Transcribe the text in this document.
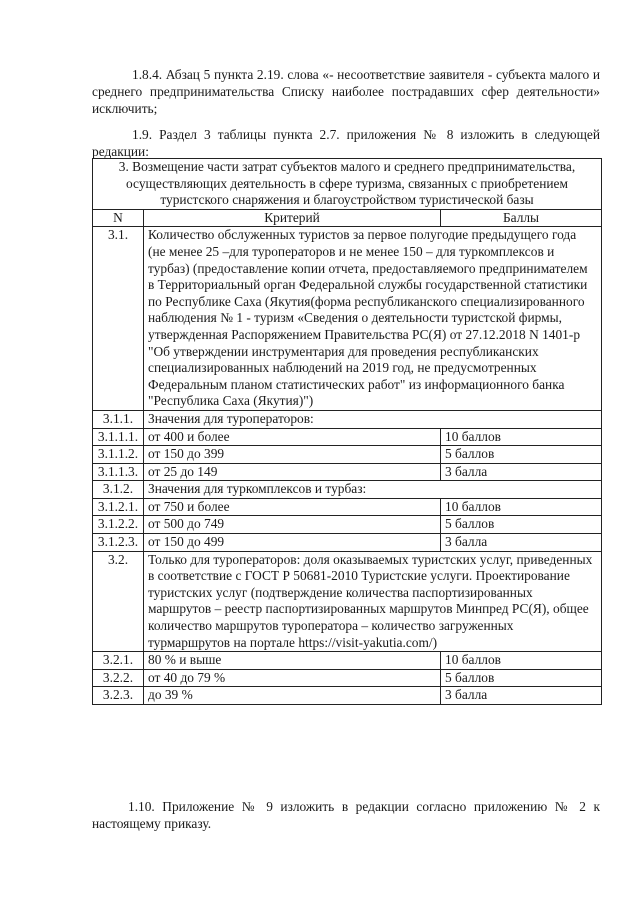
1.8.4. Абзац 5 пункта 2.19. слова «- несоответствие заявителя - субъекта малого и среднего предпринимательства Списку наиболее пострадавших сфер деятельности» исключить;
1.9. Раздел 3 таблицы пункта 2.7. приложения № 8 изложить в следующей редакции:
3. Возмещение части затрат субъектов малого и среднего предпринимательства, осуществляющих деятельность в сфере туризма, связанных с приобретением туристского снаряжения и благоустройством туристической базы		
N	Критерий	Баллы
3.1.	Количество обслуженных туристов за первое полугодие предыдущего года (не менее 25 –для туроператоров и не менее 150 – для туркомплексов и турбаз) (предоставление копии отчета, предоставляемого предпринимателем в Территориальный орган Федеральной службы государственной статистики по Республике Саха (Якутия(форма республиканского специализированного наблюдения № 1 - туризм «Сведения о деятельности туристской фирмы, утвержденная Распоряжением Правительства РС(Я) от 27.12.2018 N 1401-р "Об утверждении инструментария для проведения республиканских специализированных наблюдений на 2019 год, не предусмотренных Федеральным планом статистических работ" из информационного банка "Республика Саха (Якутия)")	
3.1.1.	Значения для туроператоров:	
3.1.1.1.	от 400 и более	10 баллов
3.1.1.2.	от 150 до 399	5 баллов
3.1.1.3.	от 25 до 149	3 балла
3.1.2.	Значения для туркомплексов и турбаз:	
3.1.2.1.	от 750 и более	10 баллов
3.1.2.2.	от 500 до 749	5 баллов
3.1.2.3.	от 150 до 499	3 балла
3.2.	Только для туроператоров: доля оказываемых туристских услуг, приведенных в соответствие с ГОСТ Р 50681-2010 Туристские услуги. Проектирование туристских услуг (подтверждение количества паспортизированных маршрутов – реестр паспортизированных маршрутов Минпред РС(Я), общее количество маршрутов туроператора – количество загруженных турмаршрутов на портале https://visit-yakutia.com/)	
3.2.1.	80 % и выше	10 баллов
3.2.2.	от 40 до 79 %	5 баллов
3.2.3.	до 39 %	3 балла
1.10. Приложение № 9 изложить в редакции согласно приложению № 2 к настоящему приказу.
